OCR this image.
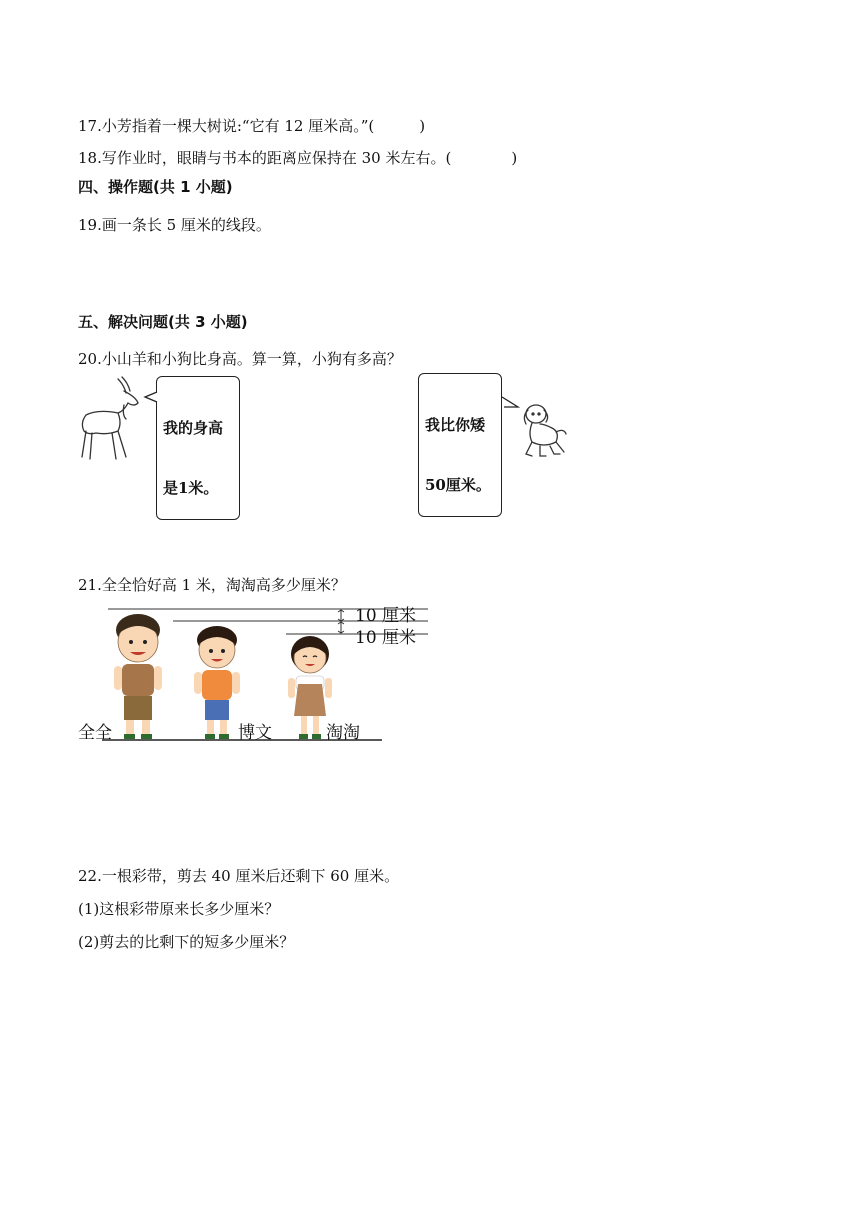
17.小芳指着一棵大树说:“它有 12 厘米高。”(　　　)
18.写作业时，眼睛与书本的距离应保持在 30 米左右。(　　　　)
四、操作题(共 1 小题)
19.画一条长 5 厘米的线段。
五、解决问题(共 3 小题)
20.小山羊和小狗比身高。算一算，小狗有多高？

我的身高

是1米。

我比你矮

50厘米。

21.全全恰好高 1 米，淘淘高多少厘米？
10 厘米
10 厘米
全全	博文	淘淘
22.一根彩带，剪去 40 厘米后还剩下 60 厘米。
(1)这根彩带原来长多少厘米？
(2)剪去的比剩下的短多少厘米？
